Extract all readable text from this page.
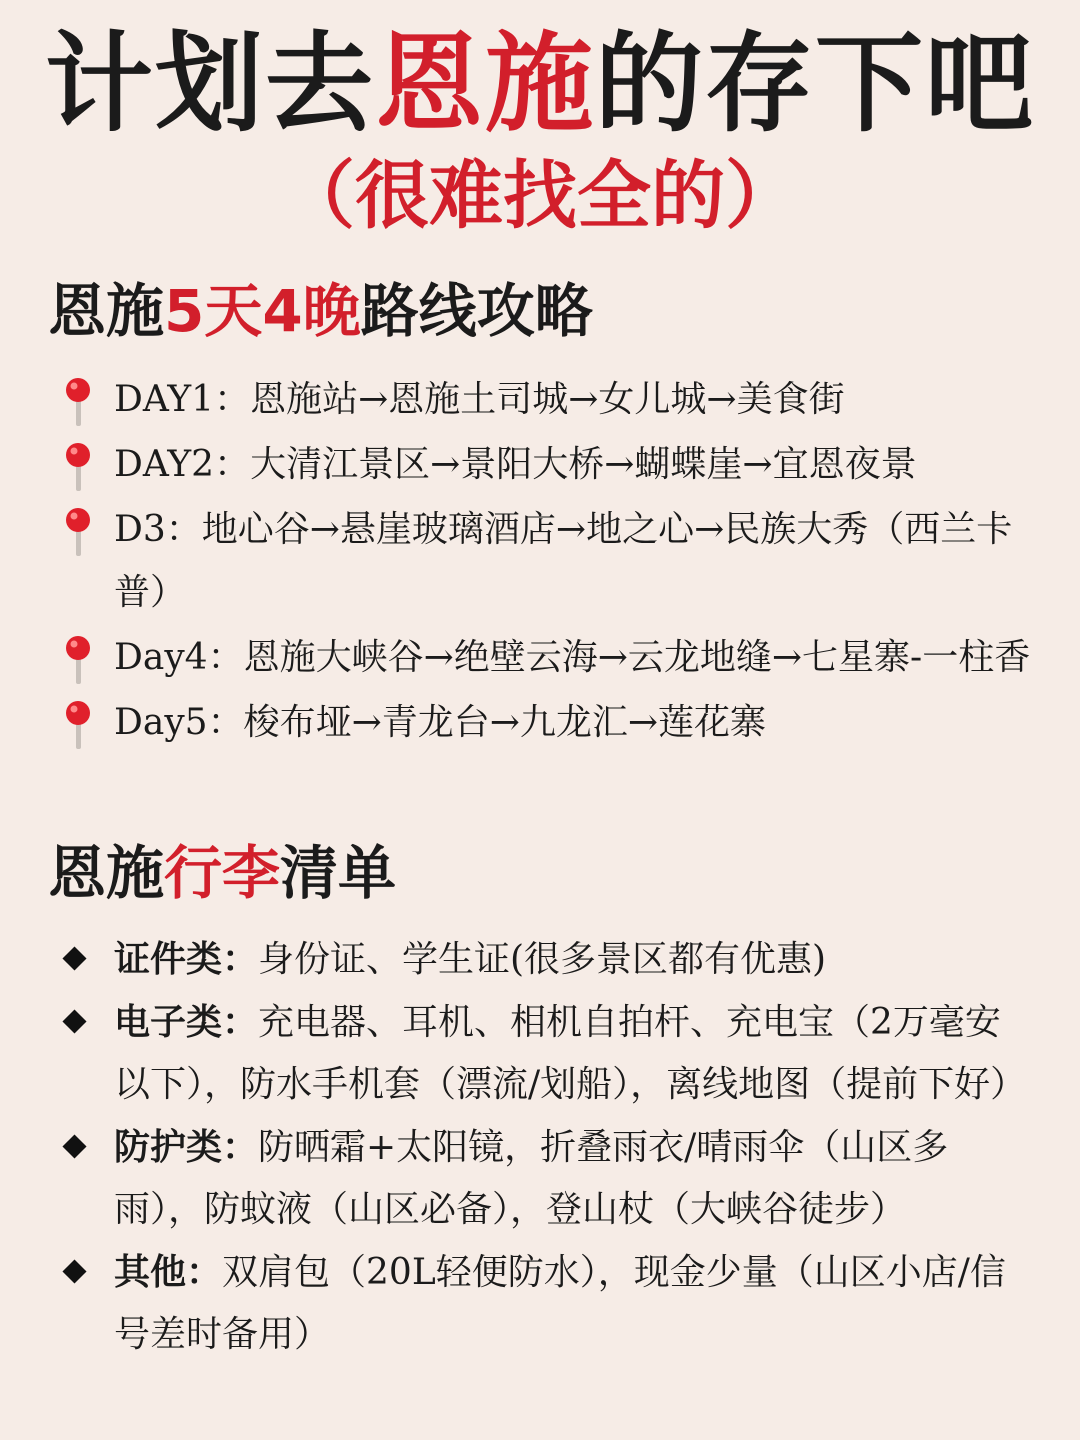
计划去恩施的存下吧
（很难找全的）
恩施5天4晚路线攻略
DAY1：恩施站→恩施土司城→女儿城→美食街
DAY2：大清江景区→景阳大桥→蝴蝶崖→宜恩夜景
D3：地心谷→悬崖玻璃酒店→地之心→民族大秀（西兰卡普）
Day4：恩施大峡谷→绝壁云海→云龙地缝→七星寨-一柱香
Day5：梭布垭→青龙台→九龙汇→莲花寨
恩施行李清单
证件类：身份证、学生证(很多景区都有优惠)
电子类：充电器、耳机、相机自拍杆、充电宝（2万毫安以下），防水手机套（漂流/划船），离线地图（提前下好）
防护类：防晒霜+太阳镜，折叠雨衣/晴雨伞（山区多雨），防蚊液（山区必备），登山杖（大峡谷徒步）
其他：双肩包（20L轻便防水），现金少量（山区小店/信号差时备用）
